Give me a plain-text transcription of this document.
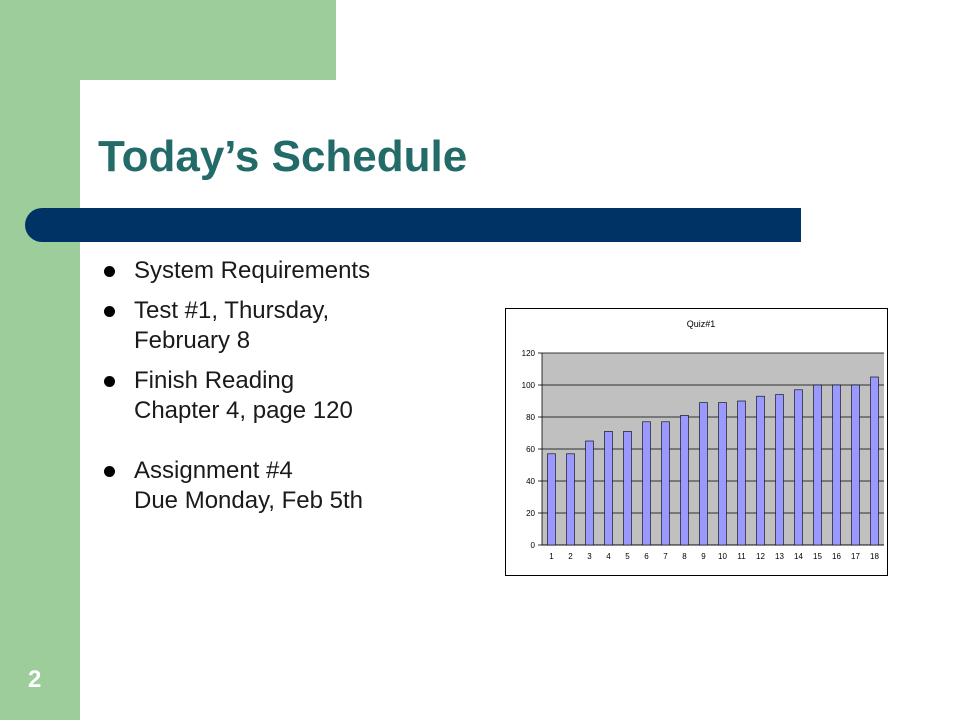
Today’s Schedule
System Requirements
Test #1, Thursday,
February 8
Finish Reading
Chapter 4, page 120
Assignment #4
Due Monday, Feb 5th
Quiz#1
0
20
40
60
80
100
120
1 2 3 4 5 6 7 8 9 10 11 12 13 14 15 16 17 18
2
